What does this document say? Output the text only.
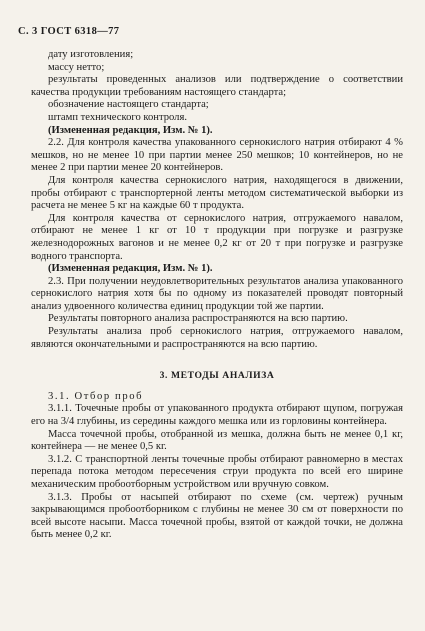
С. 3 ГОСТ 6318—77

дату изготовления;

массу нетто;

результаты проведенных анализов или подтверждение о соответствии качества продукции требованиям настоящего стандарта;

обозначение настоящего стандарта;

штамп технического контроля.

(Измененная редакция, Изм. № 1).

2.2. Для контроля качества упакованного сернокислого натрия отбирают 4 % мешков, но не менее 10 при партии менее 250 мешков; 10 контейнеров, но не менее 2 при партии менее 20 контейнеров.

Для контроля качества сернокислого натрия, находящегося в движении, пробы отбирают с транспортерной ленты методом систематической выборки из расчета не менее 5 кг на каждые 60 т продукта.

Для контроля качества от сернокислого натрия, отгружаемого навалом, отбирают не менее 1 кг от 10 т продукции при погрузке и разгрузке железнодорожных вагонов и не менее 0,2 кг от 20 т при погрузке и разгрузке водного транспорта.

(Измененная редакция, Изм. № 1).

2.3. При получении неудовлетворительных результатов анализа упакованного сернокислого натрия хотя бы по одному из показателей проводят повторный анализ удвоенного количества единиц продукции той же партии.

Результаты повторного анализа распространяются на всю партию.

Результаты анализа проб сернокислого натрия, отгружаемого навалом, являются окончательными и распространяются на всю партию.

3. МЕТОДЫ АНАЛИЗА

3.1. Отбор проб

3.1.1. Точечные пробы от упакованного продукта отбирают щупом, погружая его на 3/4 глубины, из середины каждого мешка или из горловины контейнера.

Масса точечной пробы, отобранной из мешка, должна быть не менее 0,1 кг, контейнера — не менее 0,5 кг.

3.1.2. С транспортной ленты точечные пробы отбирают равномерно в местах перепада потока методом пересечения струи продукта по всей его ширине механическим пробоотборным устройством или вручную совком.

3.1.3. Пробы от насыпей отбирают по схеме (см. чертеж) ручным закрывающимся пробоотборником с глубины не менее 30 см от поверхности по всей высоте насыпи. Масса точечной пробы, взятой от каждой точки, не должна быть менее 0,2 кг.
